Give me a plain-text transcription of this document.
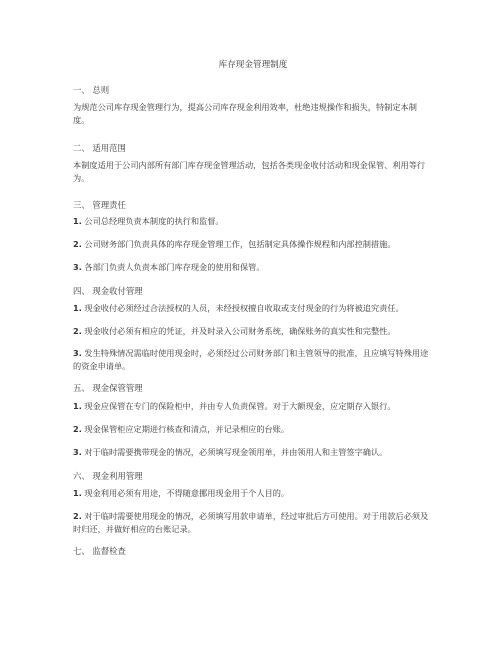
库存现金管理制度
一、 总则
为规范公司库存现金管理行为，提高公司库存现金利用效率，杜绝违规操作和损失，特制定本制度。
二、 适用范围
本制度适用于公司内部所有部门库存现金管理活动，包括各类现金收付活动和现金保管、利用等行为。
三、 管理责任
1. 公司总经理负责本制度的执行和监督。
2. 公司财务部门负责具体的库存现金管理工作，包括制定具体操作规程和内部控制措施。
3. 各部门负责人负责本部门库存现金的使用和保管。
四、 现金收付管理
1. 现金收付必须经过合法授权的人员，未经授权擅自收取或支付现金的行为将被追究责任。
2. 现金收付必须有相应的凭证，并及时录入公司财务系统，确保账务的真实性和完整性。
3. 发生特殊情况需临时使用现金时，必须经过公司财务部门和主管领导的批准，且应填写特殊用途的资金申请单。
五、 现金保管管理
1. 现金应保管在专门的保险柜中，并由专人负责保管。对于大额现金，应定期存入银行。
2. 现金保管柜应定期进行核查和清点，并记录相应的台账。
3. 对于临时需要携带现金的情况，必须填写现金领用单，并由领用人和主管签字确认。
六、 现金利用管理
1. 现金利用必须有用途，不得随意挪用现金用于个人目的。
2. 对于临时需要使用现金的情况，必须填写用款申请单，经过审批后方可使用。对于用款后必须及时归还，并做好相应的台账记录。
七、 监督检查
